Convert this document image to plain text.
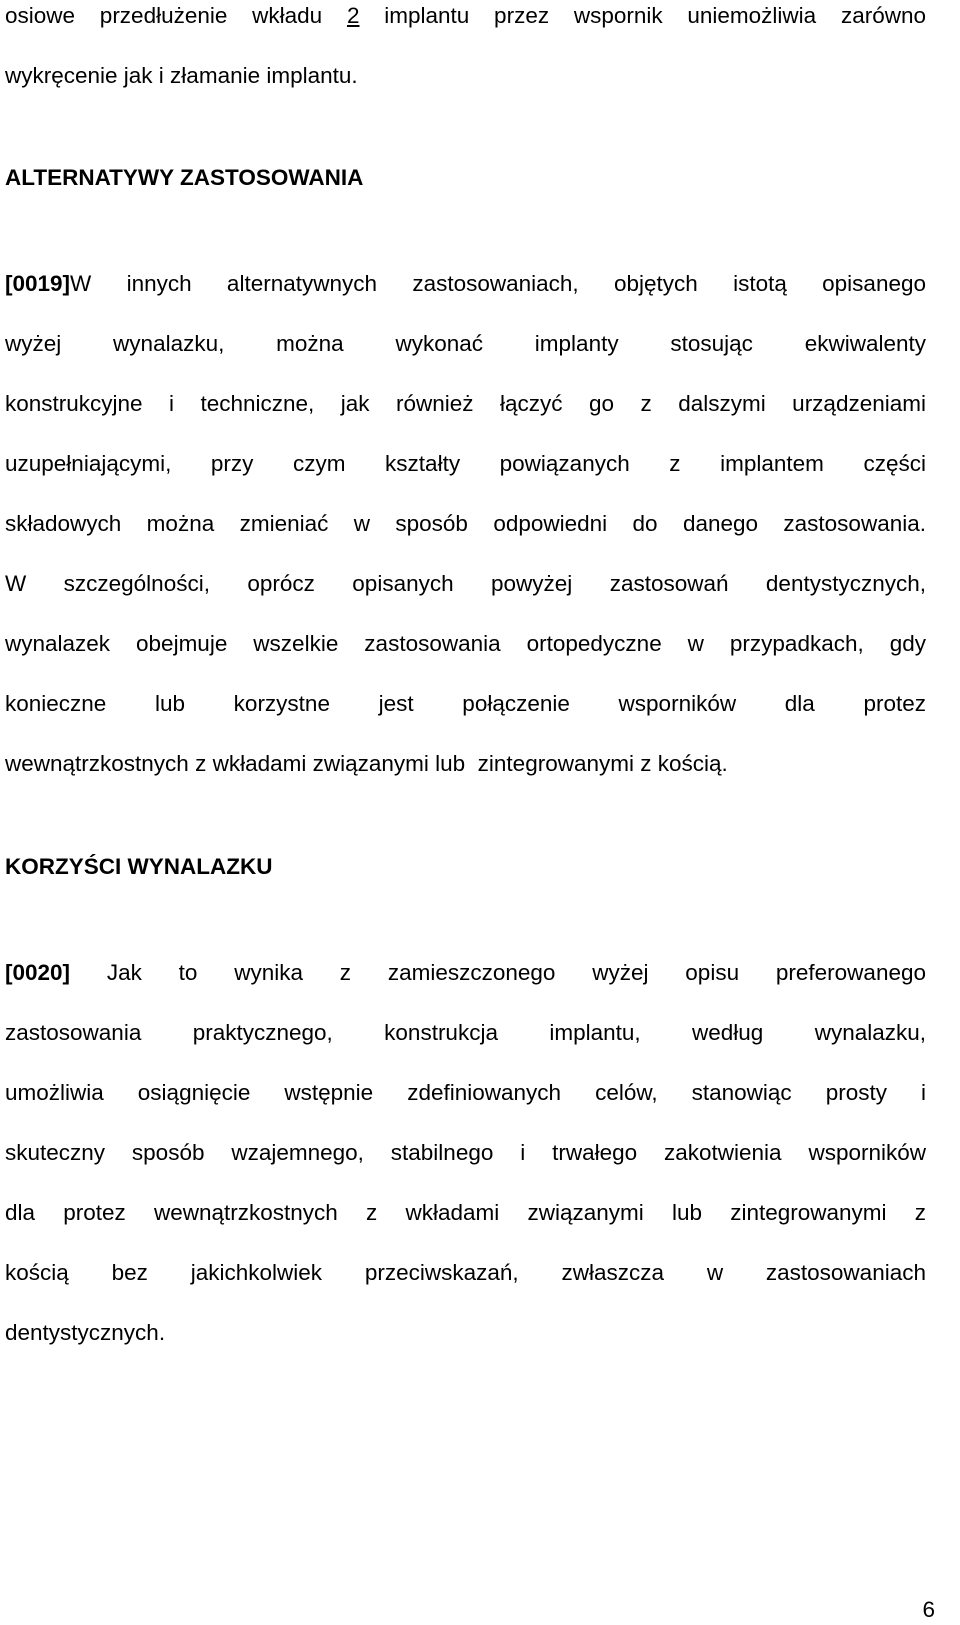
osiowe przedłużenie wkładu 2 implantu przez wspornik uniemożliwia zarówno
wykręcenie jak i złamanie implantu.
ALTERNATYWY ZASTOSOWANIA
[0019]W innych alternatywnych zastosowaniach, objętych istotą opisanego
wyżej wynalazku, można wykonać implanty stosując ekwiwalenty
konstrukcyjne i techniczne, jak również łączyć go z dalszymi urządzeniami
uzupełniającymi, przy czym kształty powiązanych z implantem części
składowych można zmieniać w sposób odpowiedni do danego zastosowania.
W szczególności, oprócz opisanych powyżej zastosowań dentystycznych,
wynalazek obejmuje wszelkie zastosowania ortopedyczne w przypadkach, gdy
konieczne lub korzystne jest połączenie wsporników dla protez
wewnątrzkostnych z wkładami związanymi lub  zintegrowanymi z kością.
KORZYŚCI WYNALAZKU
[0020] Jak to wynika z zamieszczonego wyżej opisu preferowanego
zastosowania praktycznego, konstrukcja implantu, według wynalazku,
umożliwia osiągnięcie wstępnie zdefiniowanych celów, stanowiąc prosty i
skuteczny sposób wzajemnego, stabilnego i trwałego zakotwienia wsporników
dla protez wewnątrzkostnych z wkładami związanymi lub zintegrowanymi z
kością bez jakichkolwiek przeciwskazań, zwłaszcza w zastosowaniach
dentystycznych.
6
